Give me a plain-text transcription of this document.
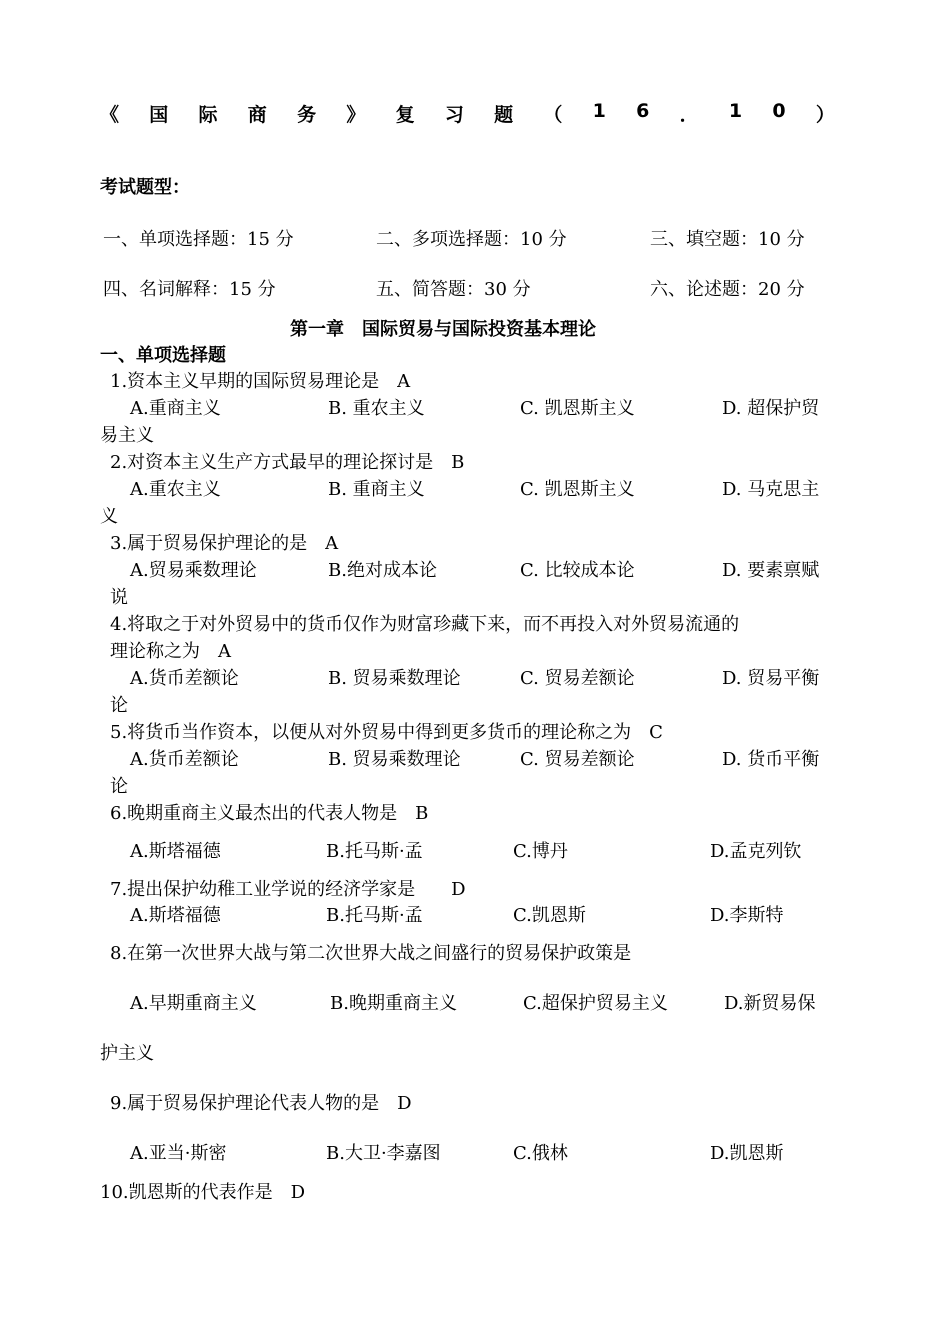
《 国 际 商 务 》 复 习 题 （ 1 6 ． 1 0 ）
考试题型：
一、单项选择题：15 分	二、多项选择题：10 分	三、填空题：10 分
四、名词解释：15 分	五、简答题：30 分	六、论述题：20 分
第一章　国际贸易与国际投资基本理论
一、单项选择题
1.资本主义早期的国际贸易理论是　A
A.重商主义	B. 重农主义	C. 凯恩斯主义	D. 超保护贸
易主义
2.对资本主义生产方式最早的理论探讨是　B
A.重农主义	B. 重商主义	C. 凯恩斯主义	D. 马克思主
义
3.属于贸易保护理论的是　A
A.贸易乘数理论	B.绝对成本论	C. 比较成本论	D. 要素禀赋
说
4.将取之于对外贸易中的货币仅作为财富珍藏下来，而不再投入对外贸易流通的
理论称之为　A
A.货币差额论	B. 贸易乘数理论	C. 贸易差额论	D. 贸易平衡
论
5.将货币当作资本，以便从对外贸易中得到更多货币的理论称之为　C
A.货币差额论	B. 贸易乘数理论	C. 贸易差额论	D. 货币平衡
论
6.晚期重商主义最杰出的代表人物是　B
A.斯塔福德	B.托马斯·孟	C.博丹	D.孟克列钦
7.提出保护幼稚工业学说的经济学家是　　D
A.斯塔福德	B.托马斯·孟	C.凯恩斯	D.李斯特
8.在第一次世界大战与第二次世界大战之间盛行的贸易保护政策是
A.早期重商主义	B.晚期重商主义	C.超保护贸易主义	D.新贸易保
护主义
9.属于贸易保护理论代表人物的是　D
A.亚当·斯密	B.大卫·李嘉图	C.俄林	D.凯恩斯
10.凯恩斯的代表作是　D
